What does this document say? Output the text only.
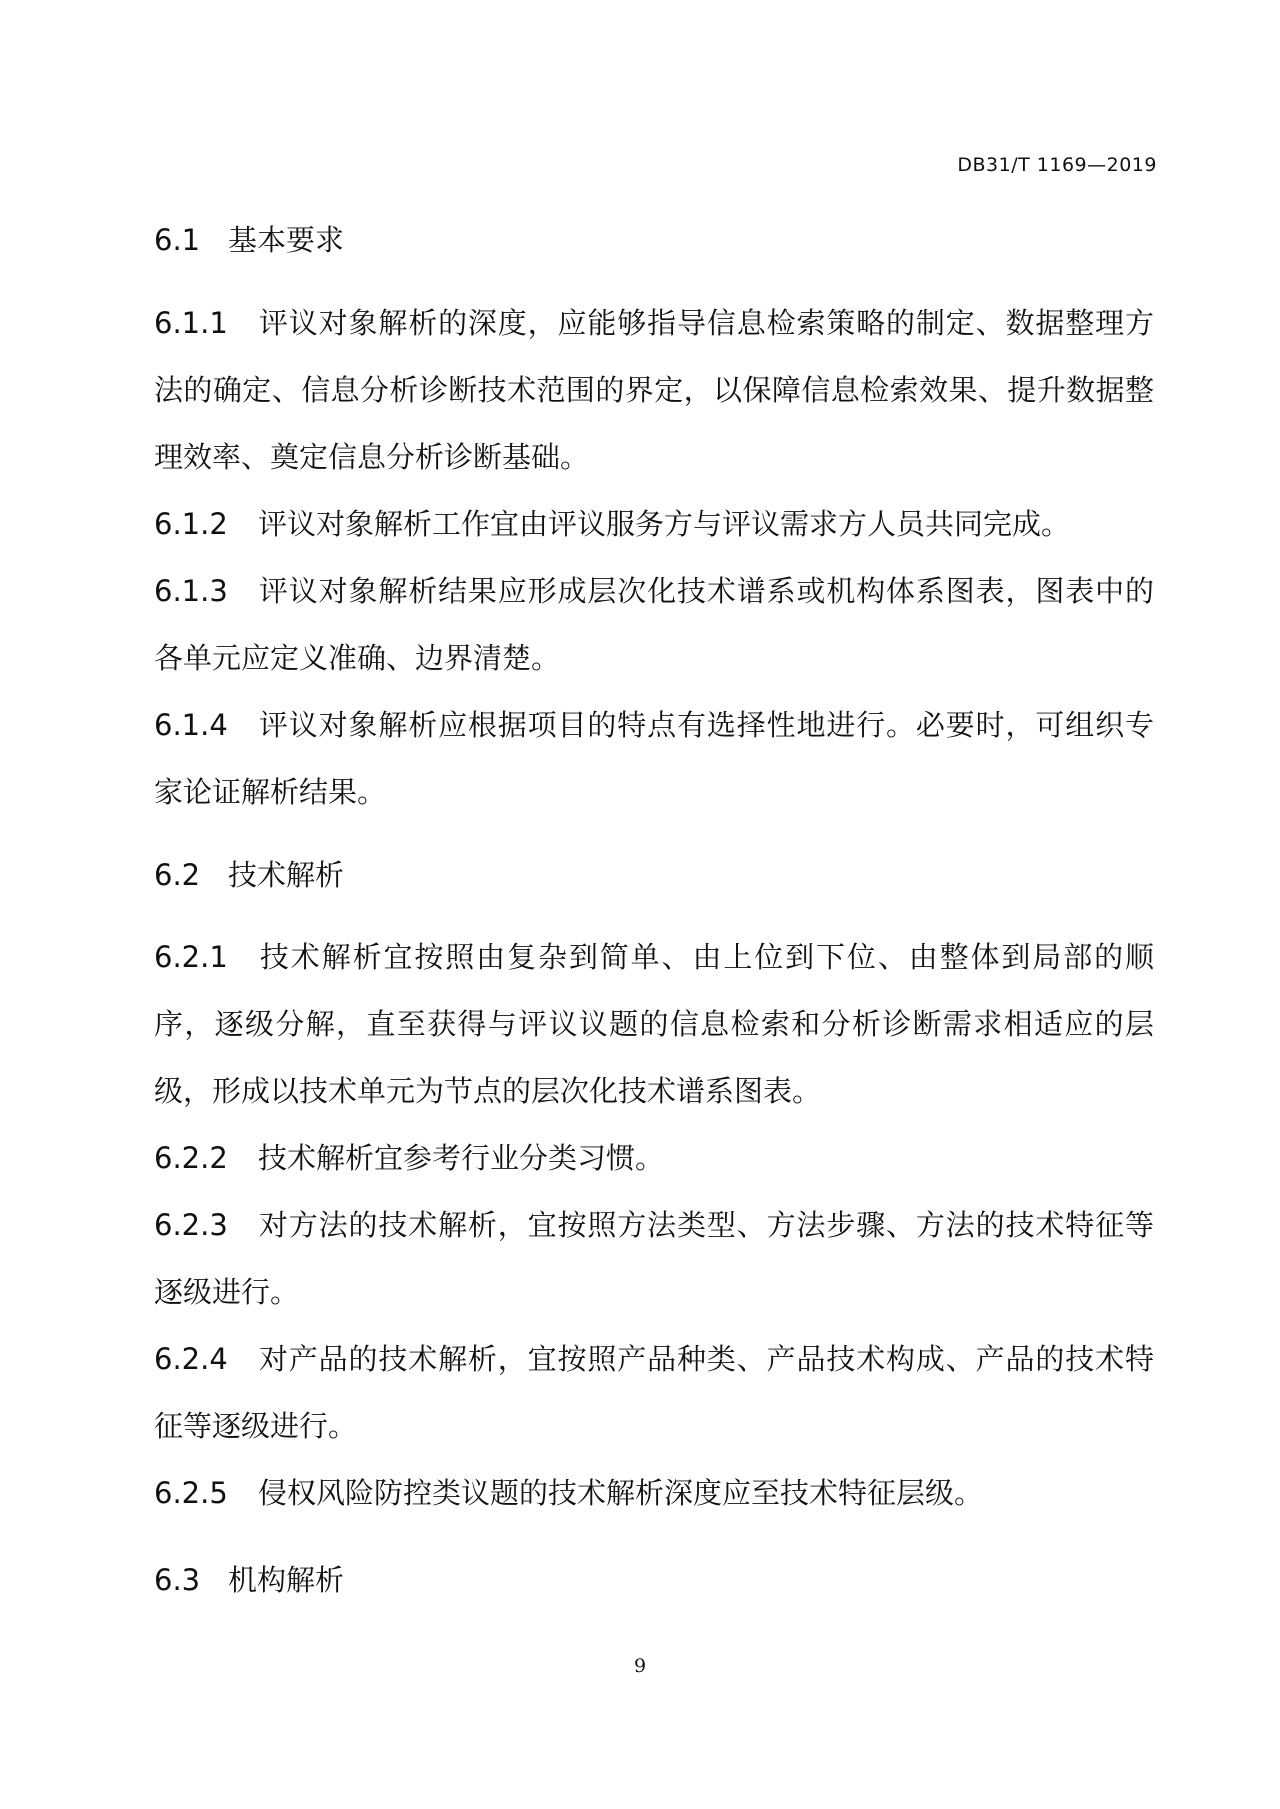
DB31/T 1169—2019
6.1 基本要求
6.1.1 评议对象解析的深度，应能够指导信息检索策略的制定、数据整理方法的确定、信息分析诊断技术范围的界定，以保障信息检索效果、提升数据整理效率、奠定信息分析诊断基础。
6.1.2 评议对象解析工作宜由评议服务方与评议需求方人员共同完成。
6.1.3 评议对象解析结果应形成层次化技术谱系或机构体系图表，图表中的各单元应定义准确、边界清楚。
6.1.4 评议对象解析应根据项目的特点有选择性地进行。必要时，可组织专家论证解析结果。
6.2 技术解析
6.2.1 技术解析宜按照由复杂到简单、由上位到下位、由整体到局部的顺序，逐级分解，直至获得与评议议题的信息检索和分析诊断需求相适应的层级，形成以技术单元为节点的层次化技术谱系图表。
6.2.2 技术解析宜参考行业分类习惯。
6.2.3 对方法的技术解析，宜按照方法类型、方法步骤、方法的技术特征等逐级进行。
6.2.4 对产品的技术解析，宜按照产品种类、产品技术构成、产品的技术特征等逐级进行。
6.2.5 侵权风险防控类议题的技术解析深度应至技术特征层级。
6.3 机构解析
9
